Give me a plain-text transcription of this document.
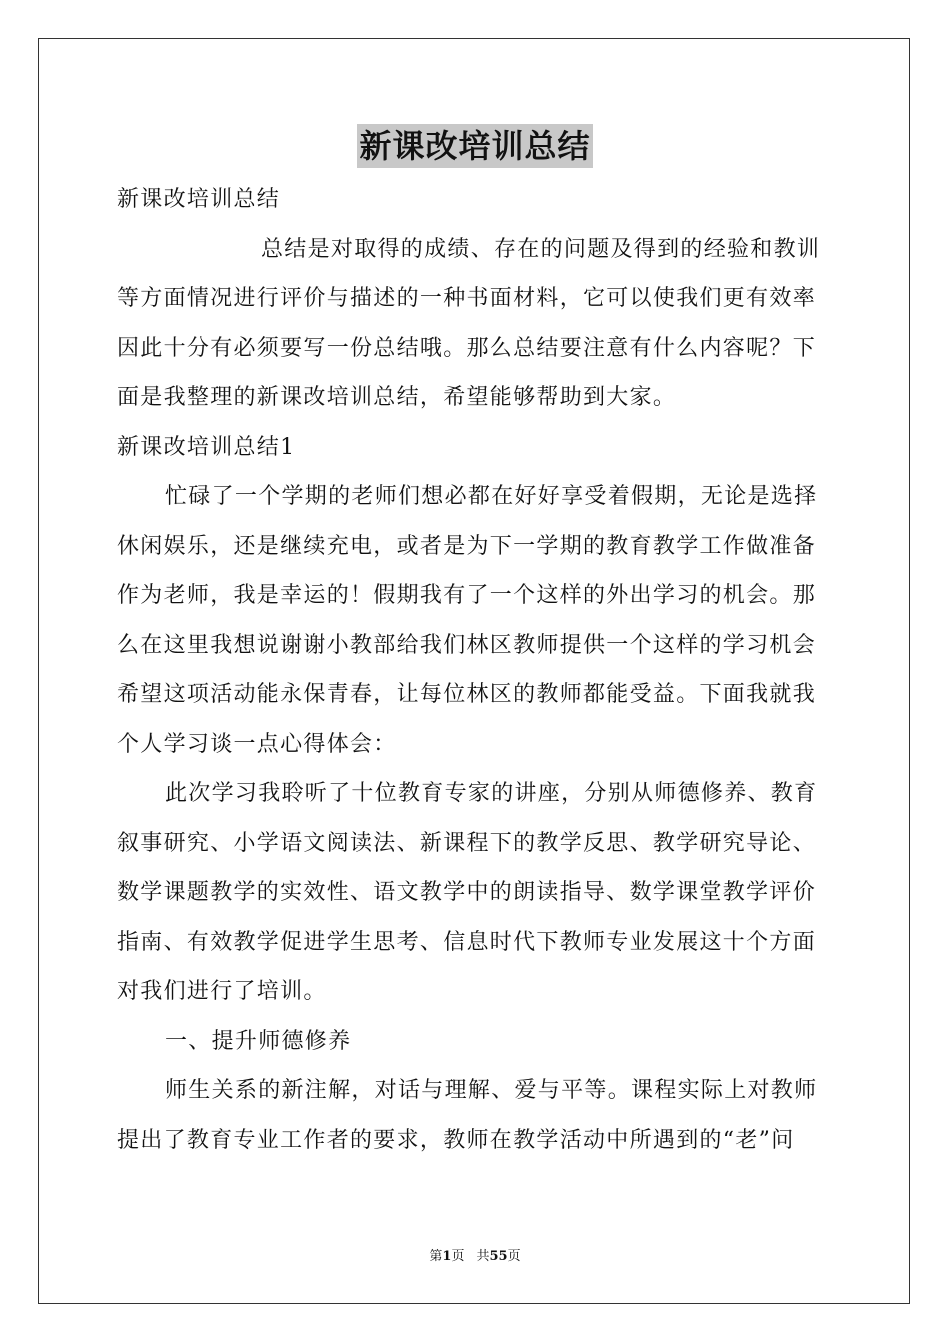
新课改培训总结
新课改培训总结
总结是对取得的成绩、存在的问题及得到的经验和教训
等方面情况进行评价与描述的一种书面材料，它可以使我们更有效率
因此十分有必须要写一份总结哦。那么总结要注意有什么内容呢？下
面是我整理的新课改培训总结，希望能够帮助到大家。
新课改培训总结1
忙碌了一个学期的老师们想必都在好好享受着假期，无论是选择
休闲娱乐，还是继续充电，或者是为下一学期的教育教学工作做准备
作为老师，我是幸运的！假期我有了一个这样的外出学习的机会。那
么在这里我想说谢谢小教部给我们林区教师提供一个这样的学习机会
希望这项活动能永保青春，让每位林区的教师都能受益。下面我就我
个人学习谈一点心得体会：
此次学习我聆听了十位教育专家的讲座，分别从师德修养、教育
叙事研究、小学语文阅读法、新课程下的教学反思、教学研究导论、
数学课题教学的实效性、语文教学中的朗读指导、数学课堂教学评价
指南、有效教学促进学生思考、信息时代下教师专业发展这十个方面
对我们进行了培训。
一、提升师德修养
师生关系的新注解，对话与理解、爱与平等。课程实际上对教师
提出了教育专业工作者的要求，教师在教学活动中所遇到的“老”问
第1页 共55页
